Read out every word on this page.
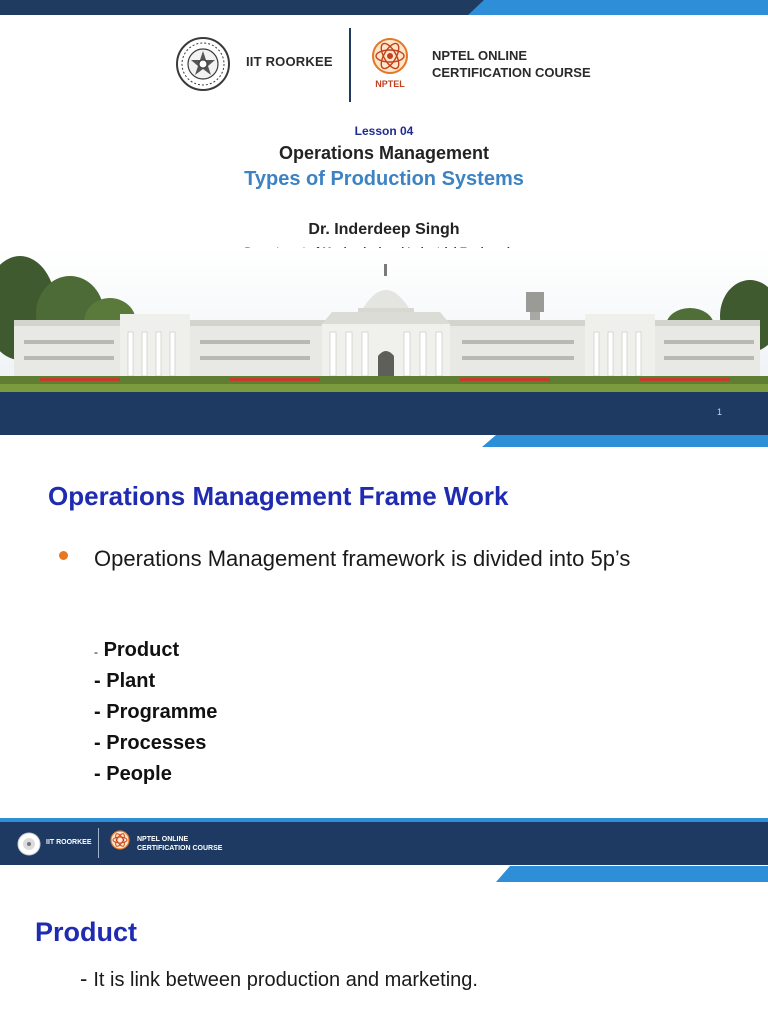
IIT ROORKEE
NPTEL
NPTEL ONLINE
CERTIFICATION COURSE
Lesson 04
Operations Management
Types of Production Systems
Dr. Inderdeep Singh
1
Operations Management Frame Work
Operations Management framework is divided into 5p’s
- Product
- Plant
- Programme
- Processes
- People
IIT ROORKEE	NPTEL ONLINE
CERTIFICATION COURSE
Product
- It is link between production and marketing.
